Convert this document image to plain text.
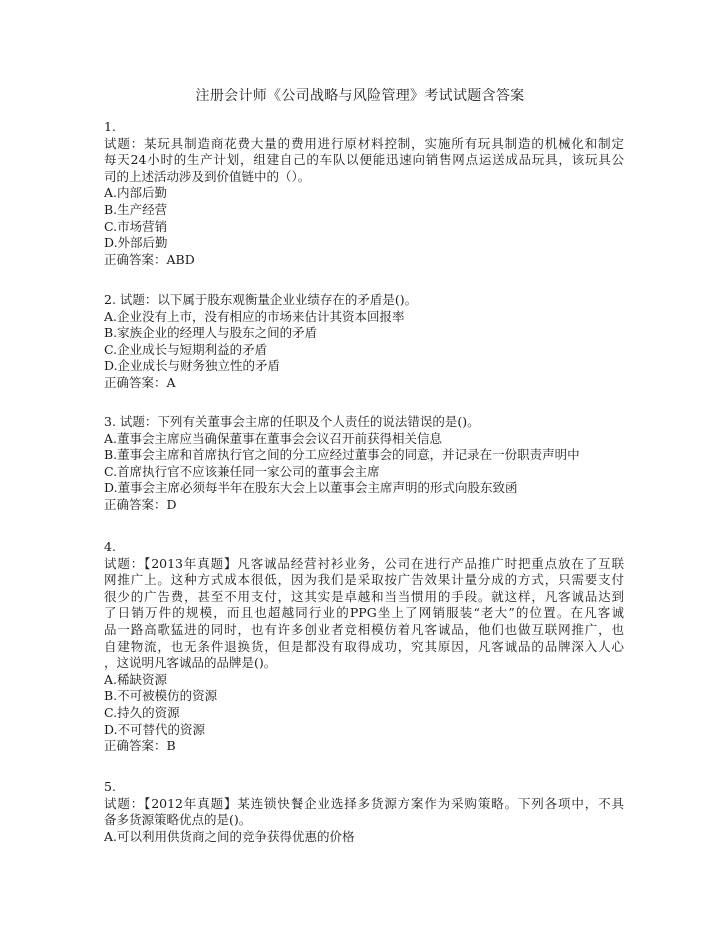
注册会计师《公司战略与风险管理》考试试题含答案
1.
试题：某玩具制造商花费大量的费用进行原材料控制，实施所有玩具制造的机械化和制定
每天24小时的生产计划，组建自己的车队以便能迅速向销售网点运送成品玩具，该玩具公
司的上述活动涉及到价值链中的（）。
A.内部后勤
B.生产经营
C.市场营销
D.外部后勤
正确答案：ABD
2. 试题：以下属于股东观衡量企业业绩存在的矛盾是()。
A.企业没有上市，没有相应的市场来估计其资本回报率
B.家族企业的经理人与股东之间的矛盾
C.企业成长与短期利益的矛盾
D.企业成长与财务独立性的矛盾
正确答案：A
3. 试题：下列有关董事会主席的任职及个人责任的说法错误的是()。
A.董事会主席应当确保董事在董事会会议召开前获得相关信息
B.董事会主席和首席执行官之间的分工应经过董事会的同意，并记录在一份职责声明中
C.首席执行官不应该兼任同一家公司的董事会主席
D.董事会主席必须每半年在股东大会上以董事会主席声明的形式向股东致函
正确答案：D
4.
试题：【2013年真题】凡客诚品经营衬衫业务，公司在进行产品推广时把重点放在了互联
网推广上。这种方式成本很低，因为我们是采取按广告效果计量分成的方式，只需要支付
很少的广告费，甚至不用支付，这其实是卓越和当当惯用的手段。就这样，凡客诚品达到
了日销万件的规模，而且也超越同行业的PPG坐上了网销服装“老大”的位置。在凡客诚
品一路高歌猛进的同时，也有许多创业者竞相模仿着凡客诚品，他们也做互联网推广，也
自建物流，也无条件退换货，但是都没有取得成功，究其原因，凡客诚品的品牌深入人心
，这说明凡客诚品的品牌是()。
A.稀缺资源
B.不可被模仿的资源
C.持久的资源
D.不可替代的资源
正确答案：B
5.
试题：【2012年真题】某连锁快餐企业选择多货源方案作为采购策略。下列各项中，不具
备多货源策略优点的是()。
A.可以利用供货商之间的竞争获得优惠的价格
